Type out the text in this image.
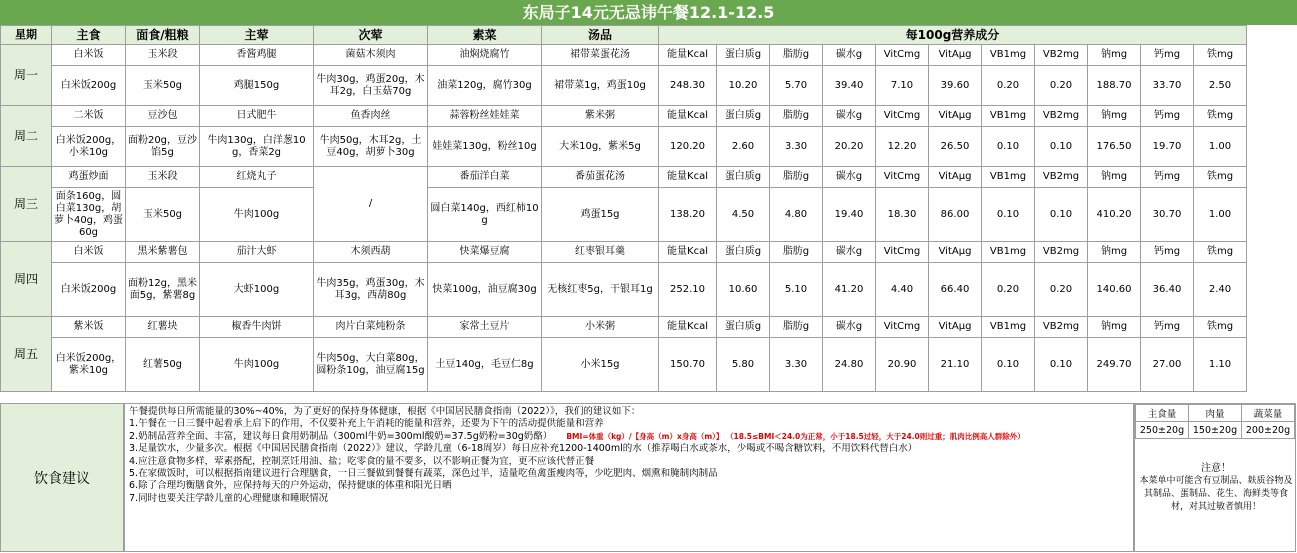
东局子14元无忌讳午餐12.1-12.5
星期	主食	面食/粗粮	主荤	次荤	素菜	汤品	每100g营养成分										
周一	白米饭	玉米段	香酱鸡腿	菌菇木须肉	油焖烧腐竹	裙带菜蛋花汤	能量Kcal	蛋白质g	脂肪g	碳水g	VitCmg	VitAμg	VB1mg	VB2mg	钠mg	钙mg	铁mg
	白米饭200g	玉米50g	鸡腿150g	牛肉30g，鸡蛋20g，木耳2g，白玉菇70g	油菜120g，腐竹30g	裙带菜1g，鸡蛋10g	248.30	10.20	5.70	39.40	7.10	39.60	0.20	0.20	188.70	33.70	2.50
周二	二米饭	豆沙包	日式肥牛	鱼香肉丝	蒜蓉粉丝娃娃菜	紫米粥	能量Kcal	蛋白质g	脂肪g	碳水g	VitCmg	VitAμg	VB1mg	VB2mg	钠mg	钙mg	铁mg
	白米饭200g，小米10g	面粉20g，豆沙馅5g	牛肉130g，白洋葱10g，香菜2g	牛肉50g，木耳2g，土豆40g，胡萝卜30g	娃娃菜130g，粉丝10g	大米10g，紫米5g	120.20	2.60	3.30	20.20	12.20	26.50	0.10	0.10	176.50	19.70	1.00
周三	鸡蛋炒面	玉米段	红烧丸子	/	番茄洋白菜	番茄蛋花汤	能量Kcal	蛋白质g	脂肪g	碳水g	VitCmg	VitAμg	VB1mg	VB2mg	钠mg	钙mg	铁mg
	面条160g，圆白菜130g，胡萝卜40g，鸡蛋60g	玉米50g	牛肉100g		圆白菜140g，西红柿10g	鸡蛋15g	138.20	4.50	4.80	19.40	18.30	86.00	0.10	0.10	410.20	30.70	1.00
周四	白米饭	黑米紫薯包	茄汁大虾	木须西葫	快菜爆豆腐	红枣银耳羹	能量Kcal	蛋白质g	脂肪g	碳水g	VitCmg	VitAμg	VB1mg	VB2mg	钠mg	钙mg	铁mg
	白米饭200g	面粉12g，黑米面5g，紫薯8g	大虾100g	牛肉35g，鸡蛋30g，木耳3g，西葫80g	快菜100g，油豆腐30g	无核红枣5g，干银耳1g	252.10	10.60	5.10	41.20	4.40	66.40	0.20	0.20	140.60	36.40	2.40
周五	紫米饭	红薯块	椒香牛肉饼	肉片白菜炖粉条	家常土豆片	小米粥	能量Kcal	蛋白质g	脂肪g	碳水g	VitCmg	VitAμg	VB1mg	VB2mg	钠mg	钙mg	铁mg
	白米饭200g，紫米10g	红薯50g	牛肉100g	牛肉50g，大白菜80g，圆粉条10g，油豆腐15g	土豆140g，毛豆仁8g	小米15g	150.70	5.80	3.30	24.80	20.90	21.10	0.10	0.10	249.70	27.00	1.10
饮食建议
午餐提供每日所需能量的30%~40%，为了更好的保持身体健康，根据《中国居民膳食指南（2022）》，我们的建议如下：
1.午餐在一日三餐中起着承上启下的作用，不仅要补充上午消耗的能量和营养，还要为下午的活动提供能量和营养
2.奶制品营养全面、丰富，建议每日食用奶制品（300ml牛奶=300ml酸奶=37.5g奶粉=30g奶酪） BMI=体重（kg）/【身高（m）x身高（m）】 （18.5≤BMI＜24.0为正常，小于18.5过轻，大于24.0则过重；肌肉比例高人群除外）
3.足量饮水，少量多次。根据《中国居民膳食指南（2022）》建议，学龄儿童（6-18周岁）每日应补充1200-1400ml的水（推荐喝白水或茶水，少喝或不喝含糖饮料，不用饮料代替白水）
4.应注意食物多样，荤素搭配，控制烹饪用油、盐；吃零食的量不要多，以不影响正餐为宜，更不应该代替正餐
5.在家做饭时，可以根据指南建议进行合理膳食，一日三餐做到餐餐有蔬菜，深色过半，适量吃鱼禽蛋瘦肉等，少吃肥肉、烟熏和腌制肉制品
6.除了合理均衡膳食外，应保持每天的户外运动，保持健康的体重和阳光日晒
7.同时也要关注学龄儿童的心理健康和睡眠情况
主食量	肉量	蔬菜量
250±20g	150±20g	200±20g
注意！
本菜单中可能含有豆制品、麸质谷物及其制品、蛋制品、花生、海鲜类等食材，对其过敏者慎用！
